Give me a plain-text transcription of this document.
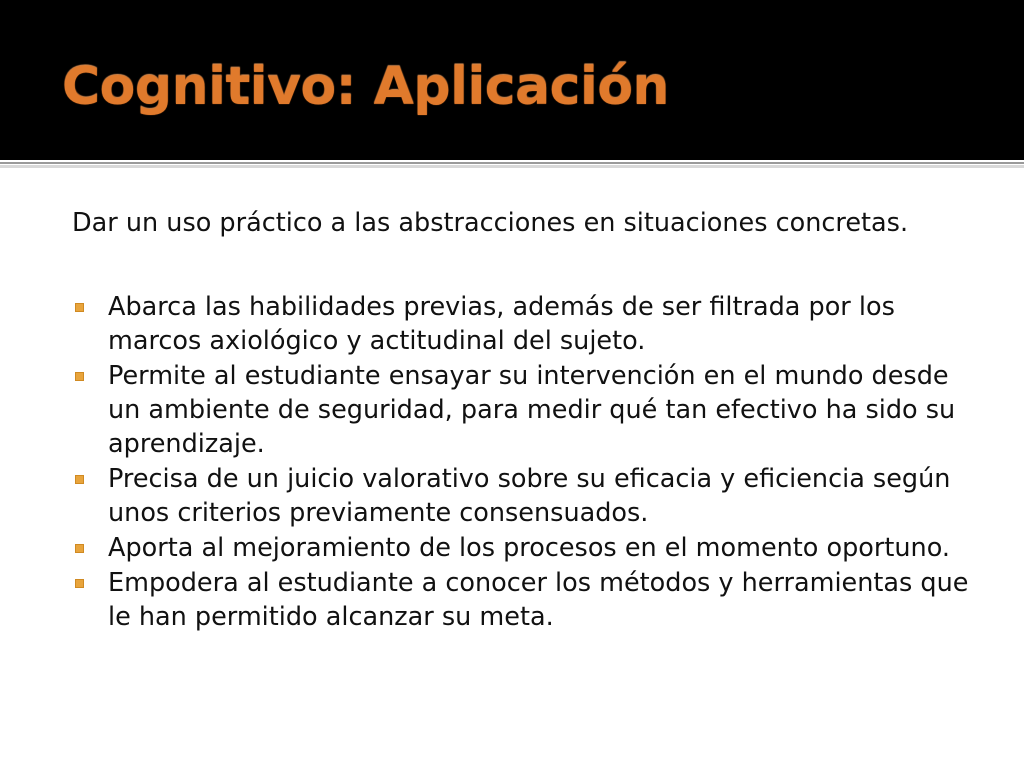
Cognitivo: Aplicación

Dar un uso práctico a las abstracciones en situaciones concretas.

Abarca las habilidades previas, además de ser filtrada por los marcos axiológico y actitudinal del sujeto.
Permite al estudiante ensayar su intervención en el mundo desde un ambiente de seguridad, para medir qué tan efectivo ha sido su aprendizaje.
Precisa de un juicio valorativo sobre su eficacia y eficiencia según unos criterios previamente consensuados.
Aporta al mejoramiento de los procesos en el momento oportuno.
Empodera al estudiante a conocer los métodos y herramientas que le han permitido alcanzar su meta.
